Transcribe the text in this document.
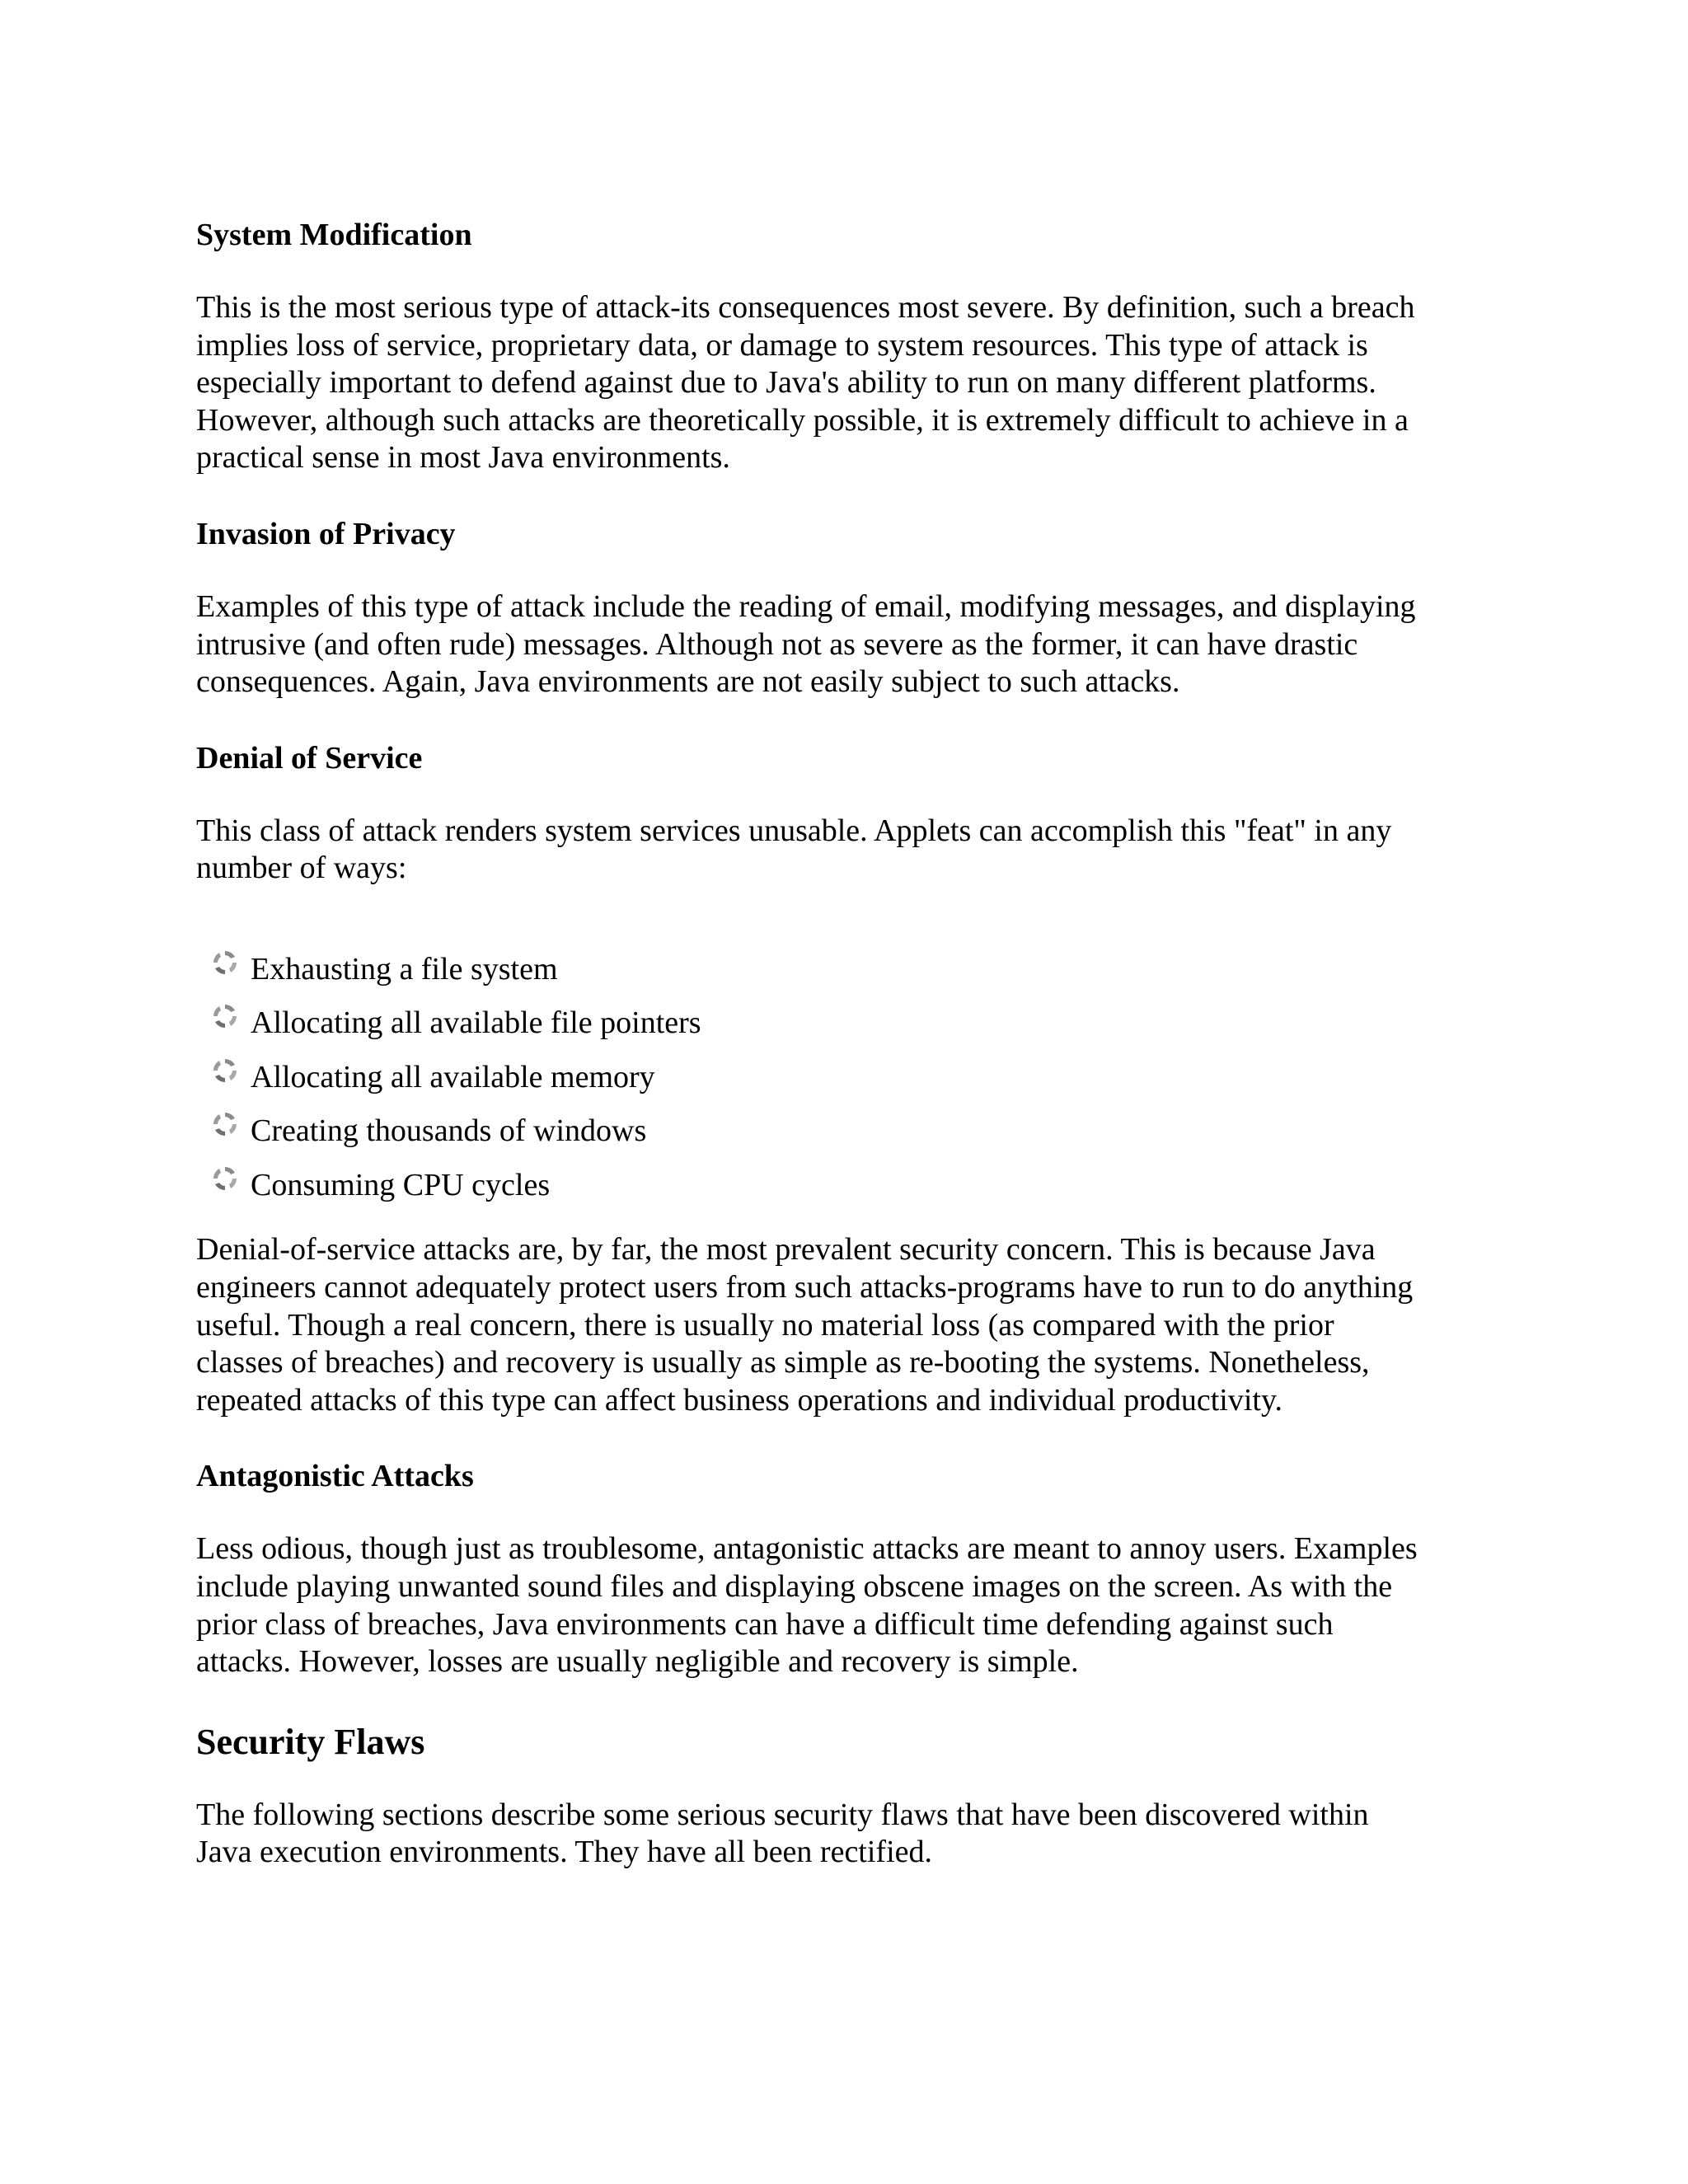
System Modification
This is the most serious type of attack-its consequences most severe. By definition, such a breach
implies loss of service, proprietary data, or damage to system resources. This type of attack is
especially important to defend against due to Java's ability to run on many different platforms.
However, although such attacks are theoretically possible, it is extremely difficult to achieve in a
practical sense in most Java environments.
Invasion of Privacy
Examples of this type of attack include the reading of email, modifying messages, and displaying
intrusive (and often rude) messages. Although not as severe as the former, it can have drastic
consequences. Again, Java environments are not easily subject to such attacks.
Denial of Service
This class of attack renders system services unusable. Applets can accomplish this "feat" in any
number of ways:
Exhausting a file system
Allocating all available file pointers
Allocating all available memory
Creating thousands of windows
Consuming CPU cycles
Denial-of-service attacks are, by far, the most prevalent security concern. This is because Java
engineers cannot adequately protect users from such attacks-programs have to run to do anything
useful. Though a real concern, there is usually no material loss (as compared with the prior
classes of breaches) and recovery is usually as simple as re-booting the systems. Nonetheless,
repeated attacks of this type can affect business operations and individual productivity.
Antagonistic Attacks
Less odious, though just as troublesome, antagonistic attacks are meant to annoy users. Examples
include playing unwanted sound files and displaying obscene images on the screen. As with the
prior class of breaches, Java environments can have a difficult time defending against such
attacks. However, losses are usually negligible and recovery is simple.
Security Flaws
The following sections describe some serious security flaws that have been discovered within
Java execution environments. They have all been rectified.
